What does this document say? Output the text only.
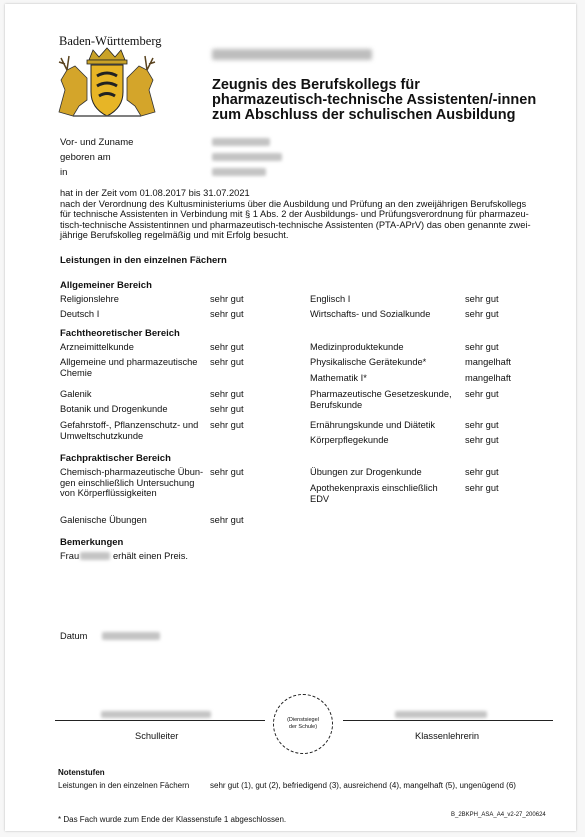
Baden-Württemberg
Zeugnis des Berufskollegs für
pharmazeutisch-technische Assistenten/-innen
zum Abschluss der schulischen Ausbildung
Vor- und Zuname
geboren am
in
hat in der Zeit vom 01.08.2017 bis 31.07.2021
nach der Verordnung des Kultusministeriums über die Ausbildung und Prüfung an den zweijährigen Berufskollegs
für technische Assistenten in Verbindung mit § 1 Abs. 2 der Ausbildungs- und Prüfungsverordnung für pharmazeu-
tisch-technische Assistentinnen und pharmazeutisch-technische Assistenten (PTA-APrV) das oben genannte zwei-
jährige Berufskolleg regelmäßig und mit Erfolg besucht.
Leistungen in den einzelnen Fächern
Allgemeiner Bereich
Religionslehre	sehr gut
Deutsch I	sehr gut
Englisch I	sehr gut
Wirtschafts- und Sozialkunde	sehr gut
Fachtheoretischer Bereich
Arzneimittelkunde	sehr gut
Allgemeine und pharmazeutische
Chemie
sehr gut
Galenik	sehr gut
Botanik und Drogenkunde	sehr gut
Gefahrstoff-, Pflanzenschutz- und
Umweltschutzkunde
sehr gut
Medizinproduktekunde	sehr gut
Physikalische Gerätekunde*	mangelhaft
Mathematik I*	mangelhaft
Pharmazeutische Gesetzeskunde,
Berufskunde
sehr gut
Ernährungskunde und Diätetik	sehr gut
Körperpflegekunde	sehr gut
Fachpraktischer Bereich
Chemisch-pharmazeutische Übun-
gen einschließlich Untersuchung
von Körperflüssigkeiten
sehr gut
Galenische Übungen	sehr gut
Übungen zur Drogenkunde	sehr gut
Apothekenpraxis einschließlich
EDV
sehr gut
Bemerkungen
Frau	erhält einen Preis.
Datum
Schulleiter
(Dienstsiegel
der Schule)
Klassenlehrerin
Notenstufen
Leistungen in den einzelnen Fächern	sehr gut (1), gut (2), befriedigend (3), ausreichend (4), mangelhaft (5), ungenügend (6)
B_2BKPH_ASA_A4_v2-27_200624
* Das Fach wurde zum Ende der Klassenstufe 1 abgeschlossen.
